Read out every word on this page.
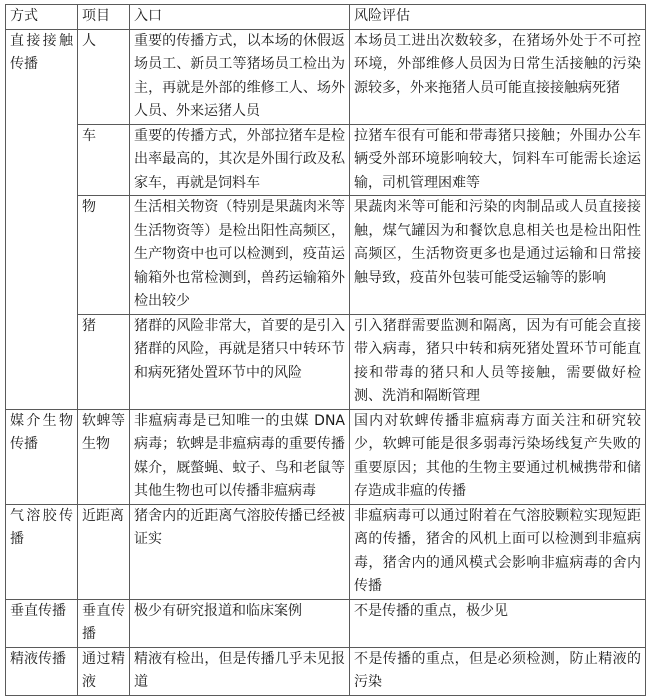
方式	项目	入口	风险评估
直接接触传播	人	重要的传播方式，以本场的休假返场员工、新员工等猪场员工检出为主，再就是外部的维修工人、场外人员、外来运猪人员	本场员工进出次数较多，在猪场外处于不可控环境，外部维修人员因为日常生活接触的污染源较多，外来拖猪人员可能直接接触病死猪
	车	重要的传播方式，外部拉猪车是检出率最高的，其次是外围行政及私家车，再就是饲料车	拉猪车很有可能和带毒猪只接触；外围办公车辆受外部环境影响较大，饲料车可能需长途运输，司机管理困难等
	物	生活相关物资（特别是果蔬肉米等生活物资等）是检出阳性高频区，生产物资中也可以检测到，疫苗运输箱外也常检测到，兽药运输箱外检出较少	果蔬肉米等可能和污染的肉制品或人员直接接触，煤气罐因为和餐饮息息相关也是检出阳性高频区，生活物资更多也是通过运输和日常接触导致，疫苗外包装可能受运输等的影响
	猪	猪群的风险非常大，首要的是引入猪群的风险，再就是猪只中转环节和病死猪处置环节中的风险	引入猪群需要监测和隔离，因为有可能会直接带入病毒，猪只中转和病死猪处置环节可能直接和带毒的猪只和人员等接触，需要做好检测、洗消和隔断管理
媒介生物传播	软蜱等生物	非瘟病毒是已知唯一的虫媒 DNA 病毒；软蜱是非瘟病毒的重要传播媒介，厩螫蝇、蚊子、鸟和老鼠等其他生物也可以传播非瘟病毒	国内对软蜱传播非瘟病毒方面关注和研究较少，软蜱可能是很多弱毒污染场线复产失败的重要原因；其他的生物主要通过机械携带和储存造成非瘟的传播
气溶胶传播	近距离	猪舍内的近距离气溶胶传播已经被证实	非瘟病毒可以通过附着在气溶胶颗粒实现短距离的传播，猪舍的风机上面可以检测到非瘟病毒，猪舍内的通风模式会影响非瘟病毒的舍内传播
垂直传播	垂直传播	极少有研究报道和临床案例	不是传播的重点，极少见
精液传播	通过精液	精液有检出，但是传播几乎未见报道	不是传播的重点，但是必须检测，防止精液的污染
